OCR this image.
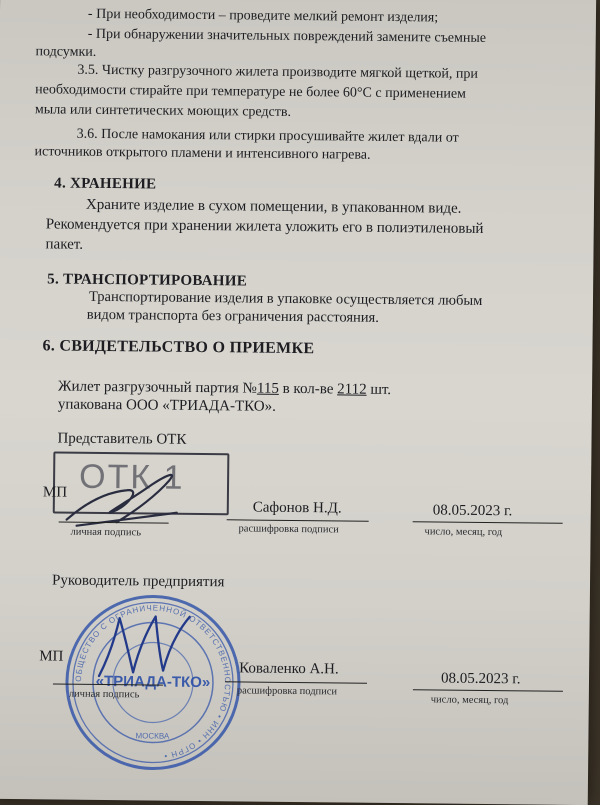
- При необходимости – проведите мелкий ремонт изделия;
- При обнаружении значительных повреждений замените съемные
подсумки.
3.5. Чистку разгрузочного жилета производите мягкой щеткой, при
необходимости стирайте при температуре не более 60°С с применением
мыла или синтетических моющих средств.
3.6. После намокания или стирки просушивайте жилет вдали от
источников открытого пламени и интенсивного нагрева.
4. ХРАНЕНИЕ
Храните изделие в сухом помещении, в упакованном виде.
Рекомендуется при хранении жилета уложить его в полиэтиленовый
пакет.
5. ТРАНСПОРТИРОВАНИЕ
Транспортирование изделия в упаковке осуществляется любым
видом транспорта без ограничения расстояния.
6. СВИДЕТЕЛЬСТВО О ПРИЕМКЕ
Жилет разгрузочный партия №115 в кол-ве 2112 шт.
упакована ООО «ТРИАДА-ТКО».
Представитель ОТК
ОТК 1
МП
личная подпись
Сафонов Н.Д.
расшифровка подписи
08.05.2023 г.
число, месяц, год
Руководитель предприятия
МП
ОБЩЕСТВО С ОГРАНИЧЕННОЙ ОТВЕТСТВЕННОСТЬЮ • ИНН • ОГРН •
«ТРИАДА-ТКО»
МОСКВА
личная подпись
Коваленко А.Н.
расшифровка подписи
08.05.2023 г.
число, месяц, год
